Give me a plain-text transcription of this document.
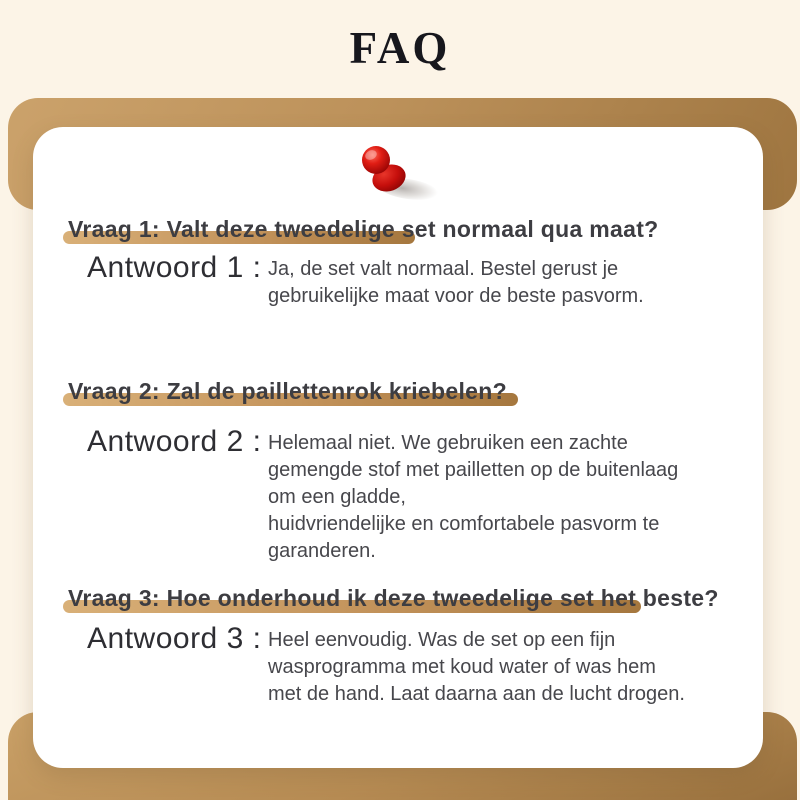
FAQ
Vraag 1: Valt deze tweedelige set normaal qua maat?
Antwoord 1 : Ja, de set valt normaal. Bestel gerust je
gebruikelijke maat voor de beste pasvorm.
Vraag 2: Zal de paillettenrok kriebelen?
Antwoord 2 : Helemaal niet. We gebruiken een zachte
gemengde stof met pailletten op de buitenlaag
om een gladde,
huidvriendelijke en comfortabele pasvorm te
garanderen.
Vraag 3: Hoe onderhoud ik deze tweedelige set het beste?
Antwoord 3 : Heel eenvoudig. Was de set op een fijn
wasprogramma met koud water of was hem
met de hand. Laat daarna aan de lucht drogen.
